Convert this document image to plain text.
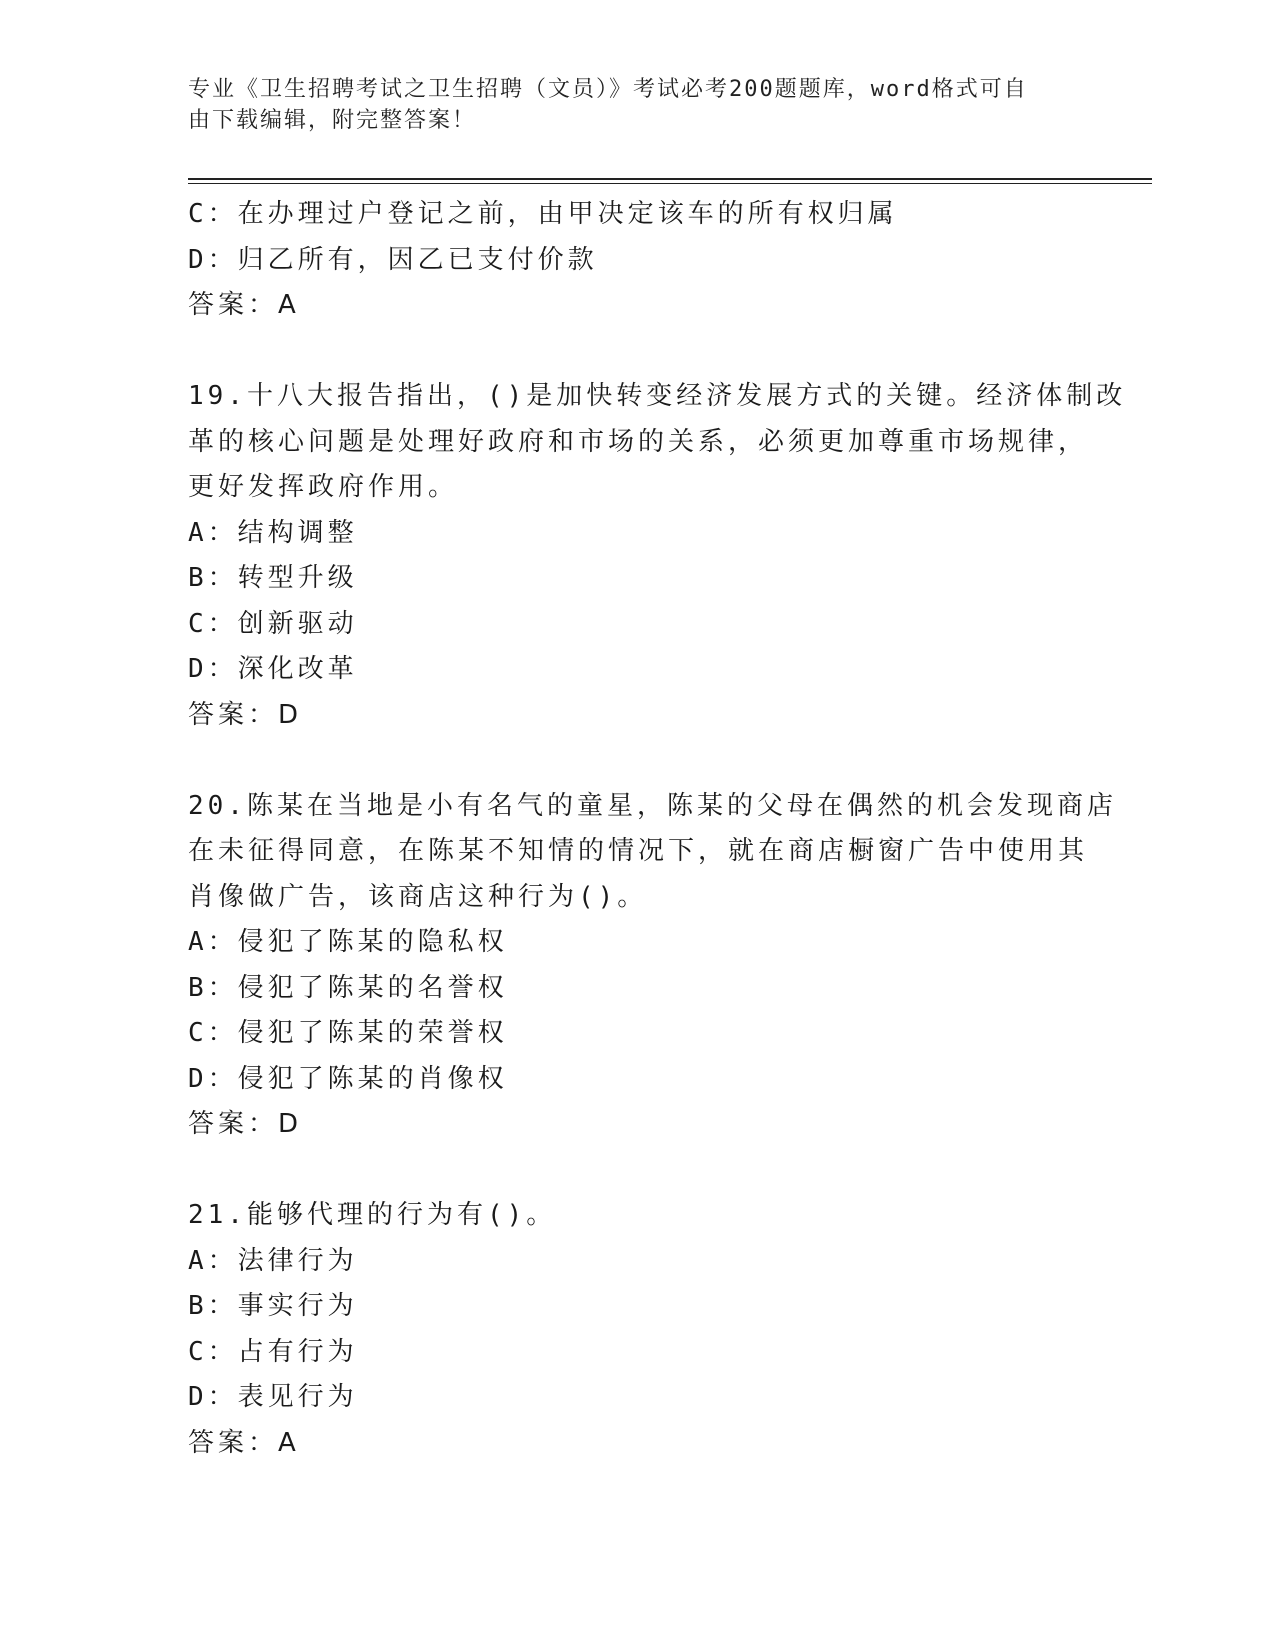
专业《卫生招聘考试之卫生招聘（文员）》考试必考200题题库，word格式可自
由下载编辑，附完整答案！
C：在办理过户登记之前，由甲决定该车的所有权归属
D：归乙所有，因乙已支付价款
答案：A
19.十八大报告指出，()是加快转变经济发展方式的关键。经济体制改
革的核心问题是处理好政府和市场的关系，必须更加尊重市场规律，
更好发挥政府作用。
A：结构调整
B：转型升级
C：创新驱动
D：深化改革
答案：D
20.陈某在当地是小有名气的童星，陈某的父母在偶然的机会发现商店
在未征得同意，在陈某不知情的情况下，就在商店橱窗广告中使用其
肖像做广告，该商店这种行为()。
A：侵犯了陈某的隐私权
B：侵犯了陈某的名誉权
C：侵犯了陈某的荣誉权
D：侵犯了陈某的肖像权
答案：D
21.能够代理的行为有()。
A：法律行为
B：事实行为
C：占有行为
D：表见行为
答案：A
